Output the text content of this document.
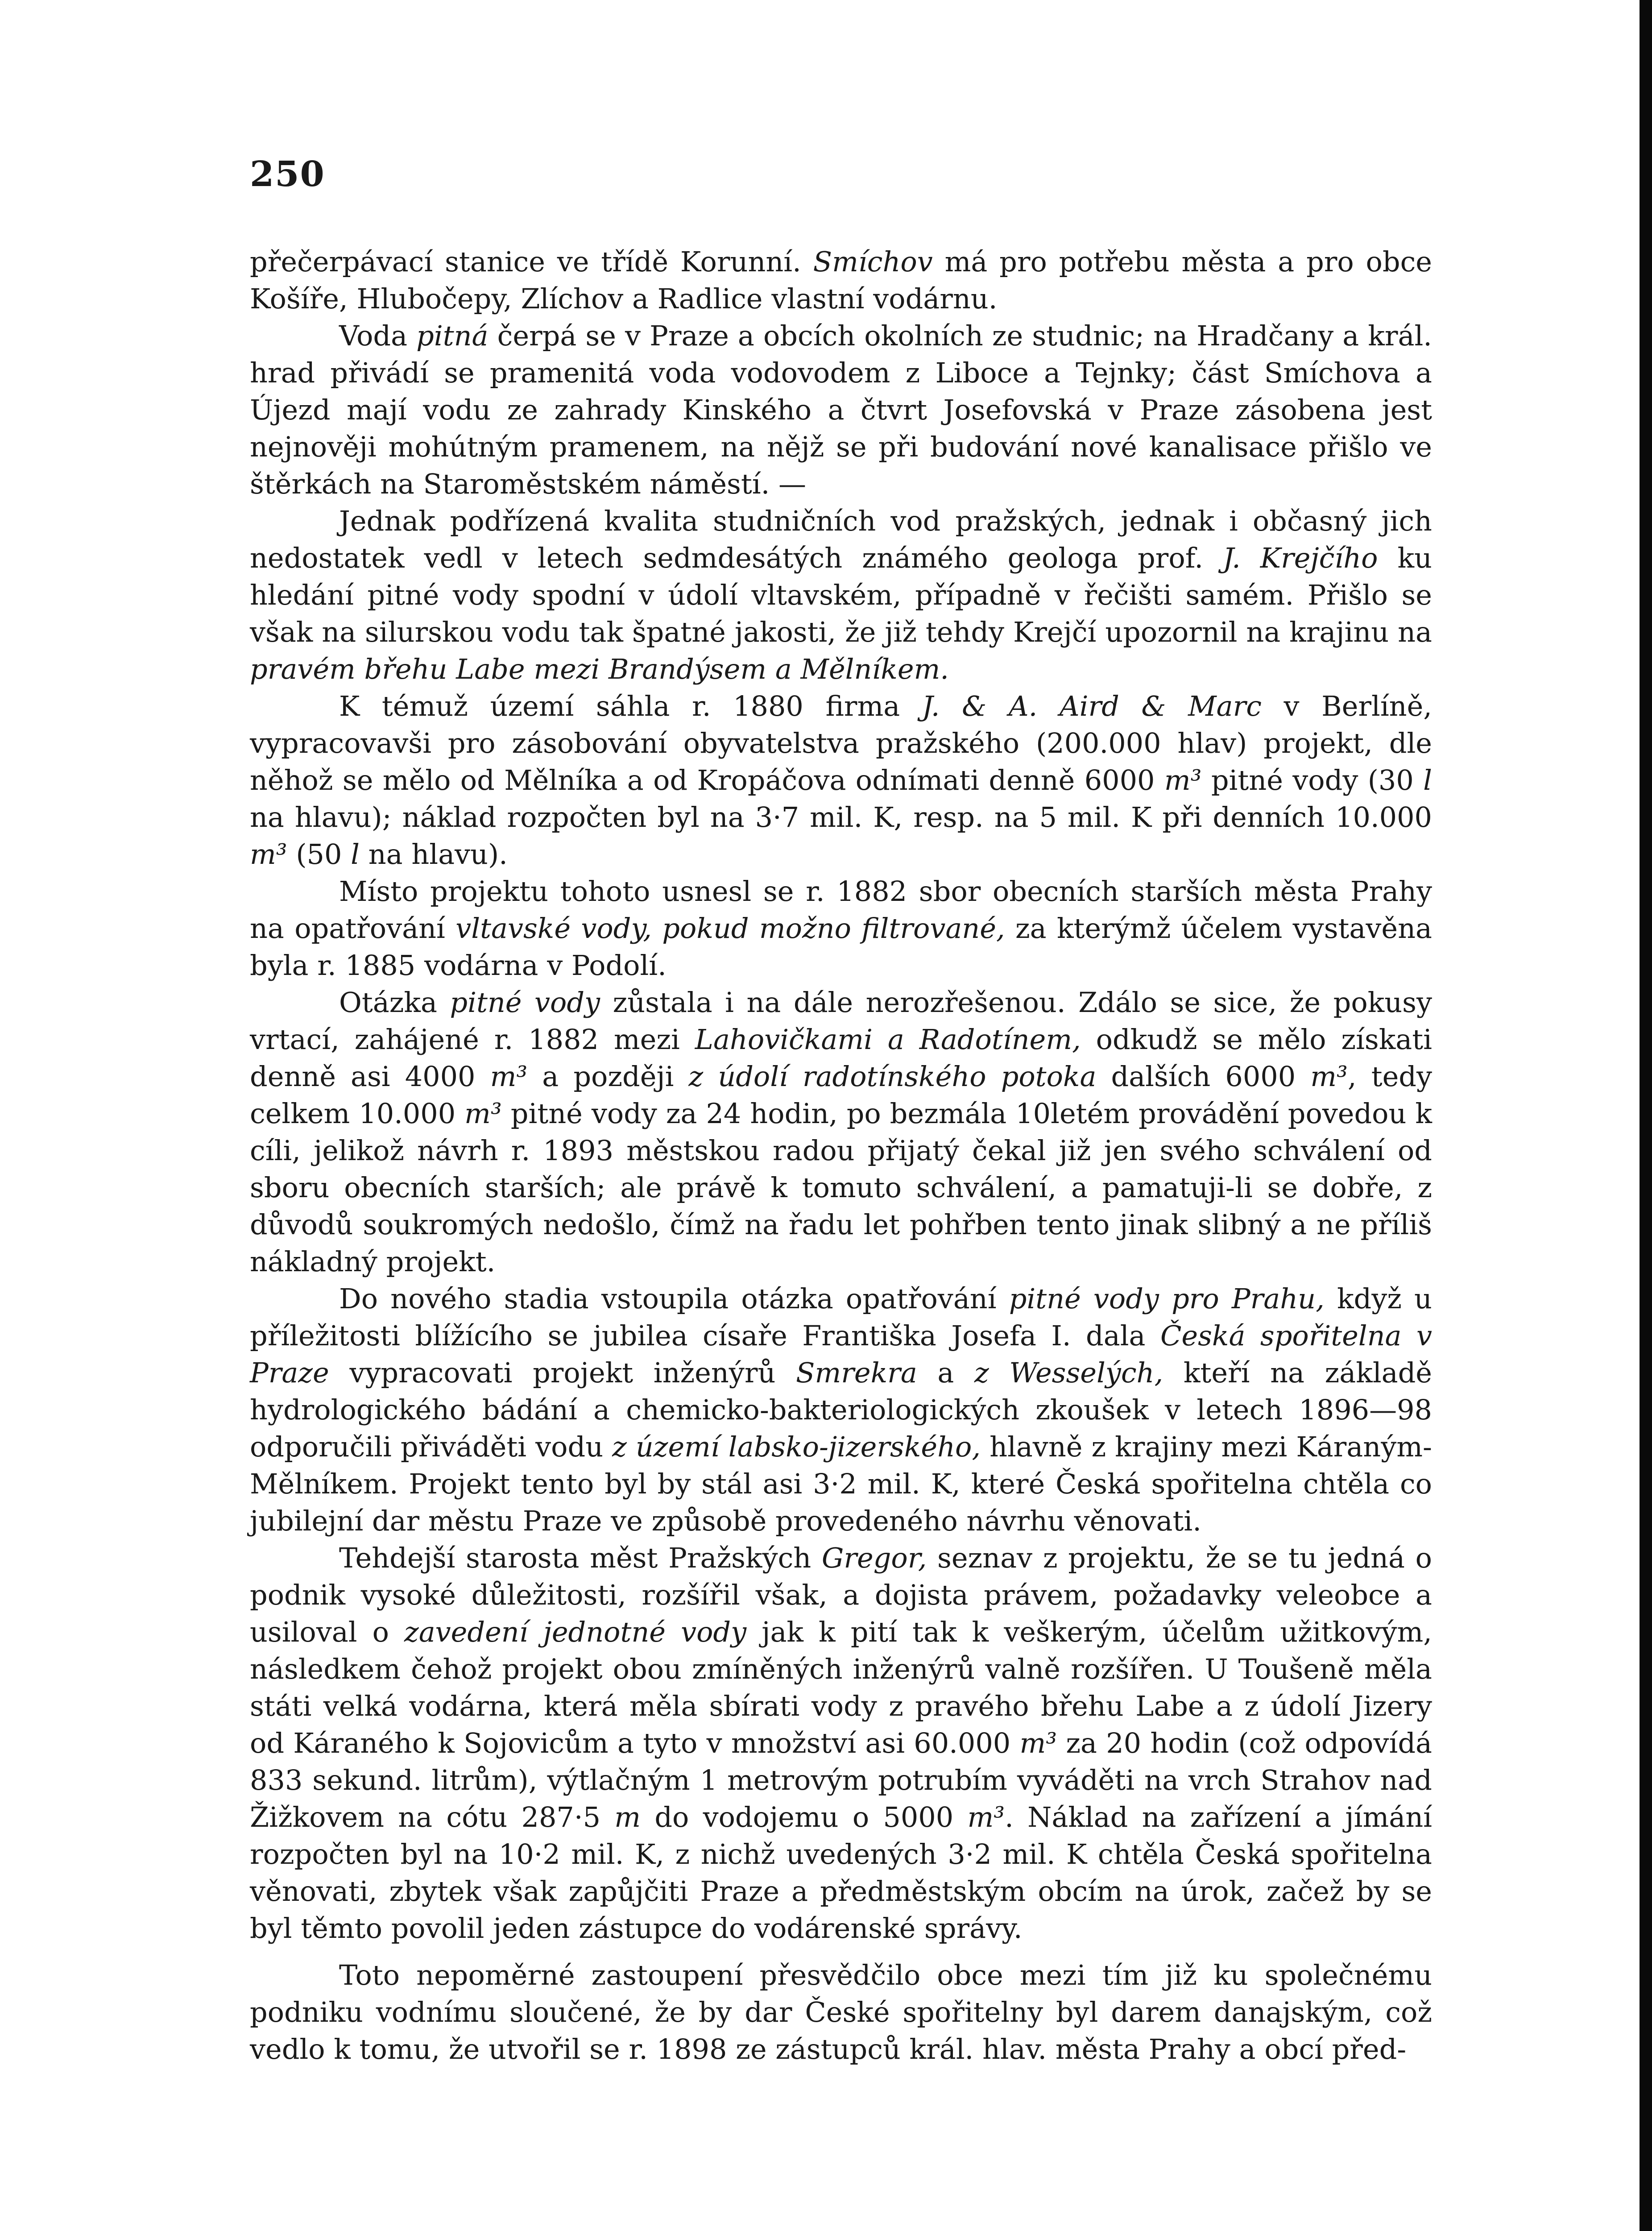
250

přečerpávací stanice ve třídě Korunní. Smíchov má pro potřebu města a pro obce Košíře, Hlubočepy, Zlíchov a Radlice vlastní vodárnu.

Voda pitná čerpá se v Praze a obcích okolních ze studnic; na Hradčany a král. hrad přivádí se pramenitá voda vodovodem z Liboce a Tejnky; část Smíchova a Újezd mají vodu ze zahrady Kinského a čtvrt Josefovská v Praze zásobena jest nejnověji mohútným pramenem, na nějž se při budování nové kanalisace přišlo ve štěrkách na Staroměstském náměstí. —

Jednak podřízená kvalita studničních vod pražských, jednak i občasný jich nedostatek vedl v letech sedmdesátých známého geologa prof. J. Krejčího ku hledání pitné vody spodní v údolí vltavském, případně v řečišti samém. Přišlo se však na silurskou vodu tak špatné jakosti, že již tehdy Krejčí upozornil na krajinu na pravém břehu Labe mezi Brandýsem a Mělníkem.

K témuž území sáhla r. 1880 firma J. & A. Aird & Marc v Berlíně, vypracovavši pro zásobování obyvatelstva pražského (200.000 hlav) projekt, dle něhož se mělo od Mělníka a od Kropáčova odnímati denně 6000 m³ pitné vody (30 l na hlavu); náklad rozpočten byl na 3·7 mil. K, resp. na 5 mil. K při denních 10.000 m³ (50 l na hlavu).

Místo projektu tohoto usnesl se r. 1882 sbor obecních starších města Prahy na opatřování vltavské vody, pokud možno filtrované, za kterýmž účelem vystavěna byla r. 1885 vodárna v Podolí.

Otázka pitné vody zůstala i na dále nerozřešenou. Zdálo se sice, že pokusy vrtací, zahájené r. 1882 mezi Lahovičkami a Radotínem, odkudž se mělo získati denně asi 4000 m³ a později z údolí radotínského potoka dalších 6000 m³, tedy celkem 10.000 m³ pitné vody za 24 hodin, po bezmála 10letém provádění povedou k cíli, jelikož návrh r. 1893 městskou radou přijatý čekal již jen svého schválení od sboru obecních starších; ale právě k tomuto schválení, a pamatuji-li se dobře, z důvodů soukromých nedošlo, čímž na řadu let pohřben tento jinak slibný a ne příliš nákladný projekt.

Do nového stadia vstoupila otázka opatřování pitné vody pro Prahu, když u příležitosti blížícího se jubilea císaře Františka Josefa I. dala Česká spořitelna v Praze vypracovati projekt inženýrů Smrekra a z Wesselých, kteří na základě hydrologického bádání a chemicko-bakteriologických zkoušek v letech 1896—98 odporučili přiváděti vodu z území labsko-jizerského, hlavně z krajiny mezi Káraným-Mělníkem. Projekt tento byl by stál asi 3·2 mil. K, které Česká spořitelna chtěla co jubilejní dar městu Praze ve způsobě provedeného návrhu věnovati.

Tehdejší starosta měst Pražských Gregor, seznav z projektu, že se tu jedná o podnik vysoké důležitosti, rozšířil však, a dojista právem, požadavky veleobce a usiloval o zavedení jednotné vody jak k pití tak k veškerým, účelům užitkovým, následkem čehož projekt obou zmíněných inženýrů valně rozšířen. U Toušeně měla státi velká vodárna, která měla sbírati vody z pravého břehu Labe a z údolí Jizery od Káraného k Sojovicům a tyto v množství asi 60.000 m³ za 20 hodin (což odpovídá 833 sekund. litrům), výtlačným 1 metrovým potrubím vyváděti na vrch Strahov nad Žižkovem na cótu 287·5 m do vodojemu o 5000 m³. Náklad na zařízení a jímání rozpočten byl na 10·2 mil. K, z nichž uvedených 3·2 mil. K chtěla Česká spořitelna věnovati, zbytek však zapůjčiti Praze a předměstským obcím na úrok, začež by se byl těmto povolil jeden zástupce do vodárenské správy.

Toto nepoměrné zastoupení přesvědčilo obce mezi tím již ku společnému podniku vodnímu sloučené, že by dar České spořitelny byl darem danajským, což vedlo k tomu, že utvořil se r. 1898 ze zástupců král. hlav. města Prahy a obcí před-
